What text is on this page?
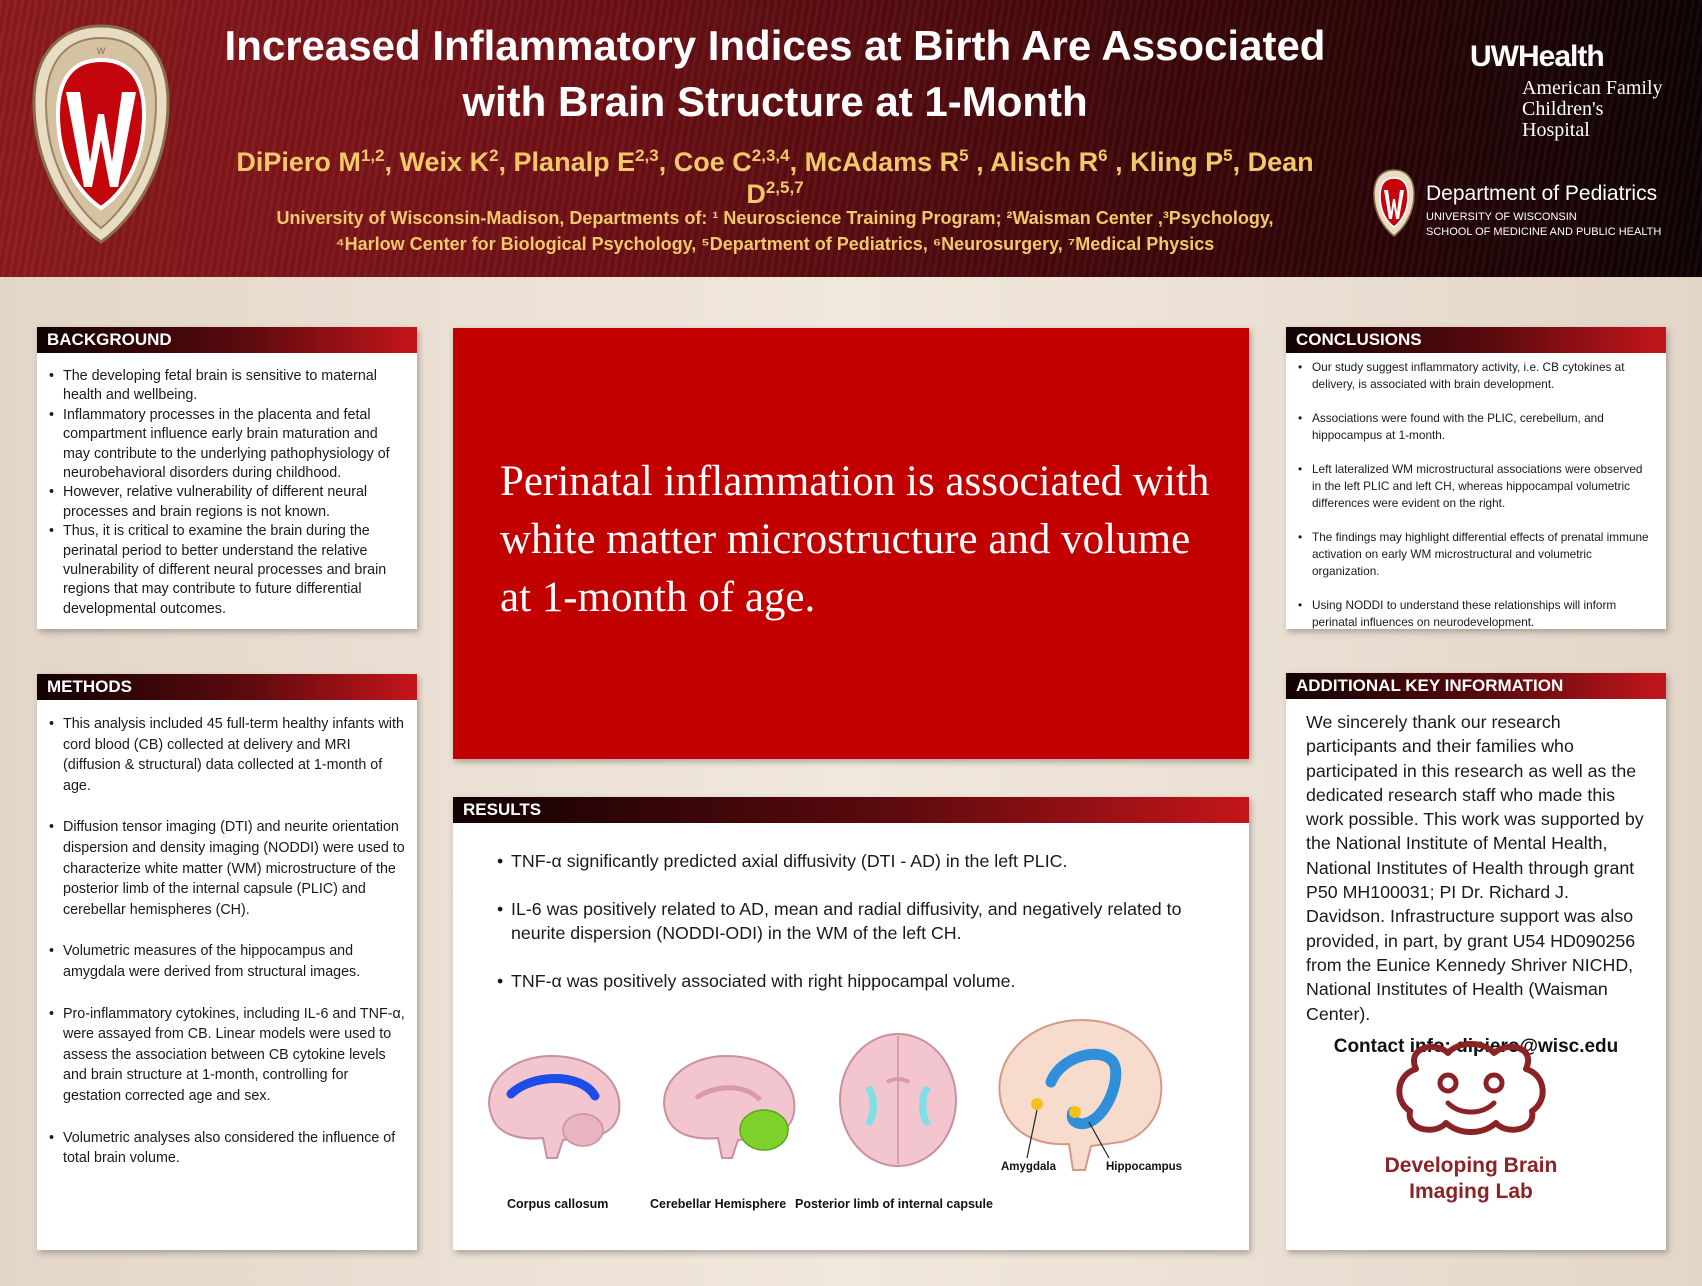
W	Increased Inflammatory Indices at Birth Are Associated
with Brain Structure at 1-Month
DiPiero M$^{1,2}$, Weix $K^2$, Planalp E$^{2,3}$, Coe C$^{2,3,4}$, McAdams $R^5$ , Alisch $R^6$ , Kling $P^5$, Dean D$^{2,5,7}$
University of Wisconsin-Madison, Departments of: ¹ Neuroscience Training Program; ²Waisman Center ,³Psychology,
⁴Harlow Center for Biological Psychology, ⁵Department of Pediatrics, ⁶Neurosurgery, ⁷Medical Physics
UWHealth
American Family
Children's Hospital
Department of Pediatrics
UNIVERSITY OF WISCONSIN
SCHOOL OF MEDICINE AND PUBLIC HEALTH
BACKGROUND
• The developing fetal brain is sensitive to maternal health and wellbeing.
• Inflammatory processes in the placenta and fetal compartment influence early brain maturation and may contribute to the underlying pathophysiology of neurobehavioral disorders during childhood.
• However, relative vulnerability of different neural processes and brain regions is not known.
• Thus, it is critical to examine the brain during the perinatal period to better understand the relative vulnerability of different neural processes and brain regions that may contribute to future differential developmental outcomes.
METHODS
• This analysis included 45 full-term healthy infants with cord blood (CB) collected at delivery and MRI (diffusion & structural) data collected at 1-month of age.
• Diffusion tensor imaging (DTI) and neurite orientation dispersion and density imaging (NODDI) were used to characterize white matter (WM) microstructure of the posterior limb of the internal capsule (PLIC) and cerebellar hemispheres (CH).
• Volumetric measures of the hippocampus and amygdala were derived from structural images.
• Pro-inflammatory cytokines, including IL-6 and TNF-α, were assayed from CB. Linear models were used to assess the association between CB cytokine levels and brain structure at 1-month, controlling for gestation corrected age and sex.
• Volumetric analyses also considered the influence of total brain volume.
Perinatal inflammation is associated with white matter microstructure and volume at 1-month of age.
RESULTS
• TNF-α significantly predicted axial diffusivity (DTI - AD) in the left PLIC.
• IL-6 was positively related to AD, mean and radial diffusivity, and negatively related to neurite dispersion (NODDI-ODI) in the WM of the left CH.
• TNF-α was positively associated with right hippocampal volume.
Corpus callosum	Cerebellar Hemisphere Posterior limb of internal capsule
Amygdala	Hippocampus
CONCLUSIONS
• Our study suggest inflammatory activity, i.e. CB cytokines at delivery, is associated with brain development.
• Associations were found with the PLIC, cerebellum, and hippocampus at 1-month.
• Left lateralized WM microstructural associations were observed in the left PLIC and left CH, whereas hippocampal volumetric differences were evident on the right.
• The findings may highlight differential effects of prenatal immune activation on early WM microstructural and volumetric organization.
• Using NODDI to understand these relationships will inform perinatal influences on neurodevelopment.
ADDITIONAL KEY INFORMATION
We sincerely thank our research participants and their families who participated in this research as well as the dedicated research staff who made this work possible. This work was supported by the National Institute of Mental Health, National Institutes of Health through grant P50 MH100031; PI Dr. Richard J. Davidson. Infrastructure support was also provided, in part, by grant U54 HD090256 from the Eunice Kennedy Shriver NICHD, National Institutes of Health (Waisman Center).
Contact info: dipiero@wisc.edu
Developing Brain
Imaging Lab
